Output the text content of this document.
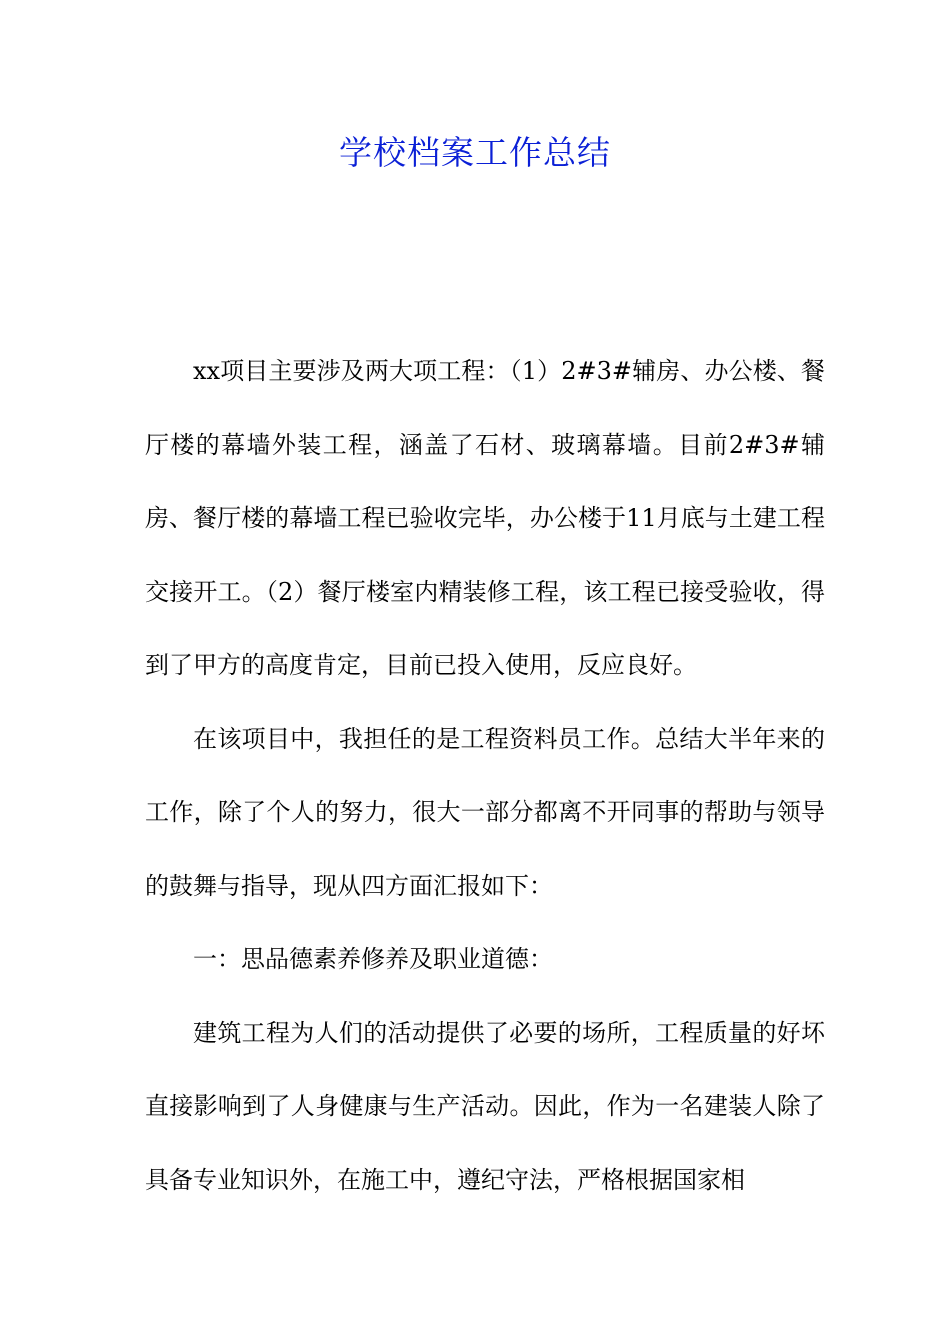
学校档案工作总结

xx项目主要涉及两大项工程：（1）2#3#辅房、办公楼、餐厅楼的幕墙外装工程，涵盖了石材、玻璃幕墙。目前2#3#辅房、餐厅楼的幕墙工程已验收完毕，办公楼于11月底与土建工程交接开工。（2）餐厅楼室内精装修工程，该工程已接受验收，得到了甲方的高度肯定，目前已投入使用，反应良好。

在该项目中，我担任的是工程资料员工作。总结大半年来的工作，除了个人的努力，很大一部分都离不开同事的帮助与领导的鼓舞与指导，现从四方面汇报如下：

一：思品德素养修养及职业道德：

建筑工程为人们的活动提供了必要的场所，工程质量的好坏直接影响到了人身健康与生产活动。因此，作为一名建装人除了具备专业知识外，在施工中，遵纪守法，严格根据国家相
